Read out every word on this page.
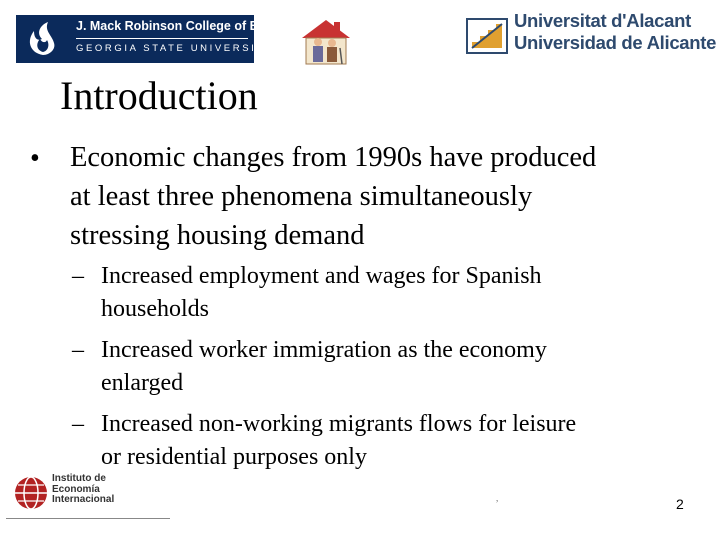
J. Mack Robinson College of Business
GEORGIA STATE UNIVERSITY
Universitat d'Alacant
Universidad de Alicante
Introduction
• Economic changes from 1990s have produced
at least three phenomena simultaneously
stressing housing demand
– Increased employment and wages for Spanish
households
– Increased worker immigration as the economy
enlarged
– Increased non-working migrants flows for leisure
or residential purposes only
Instituto de
Economía
Internacional	,	2
